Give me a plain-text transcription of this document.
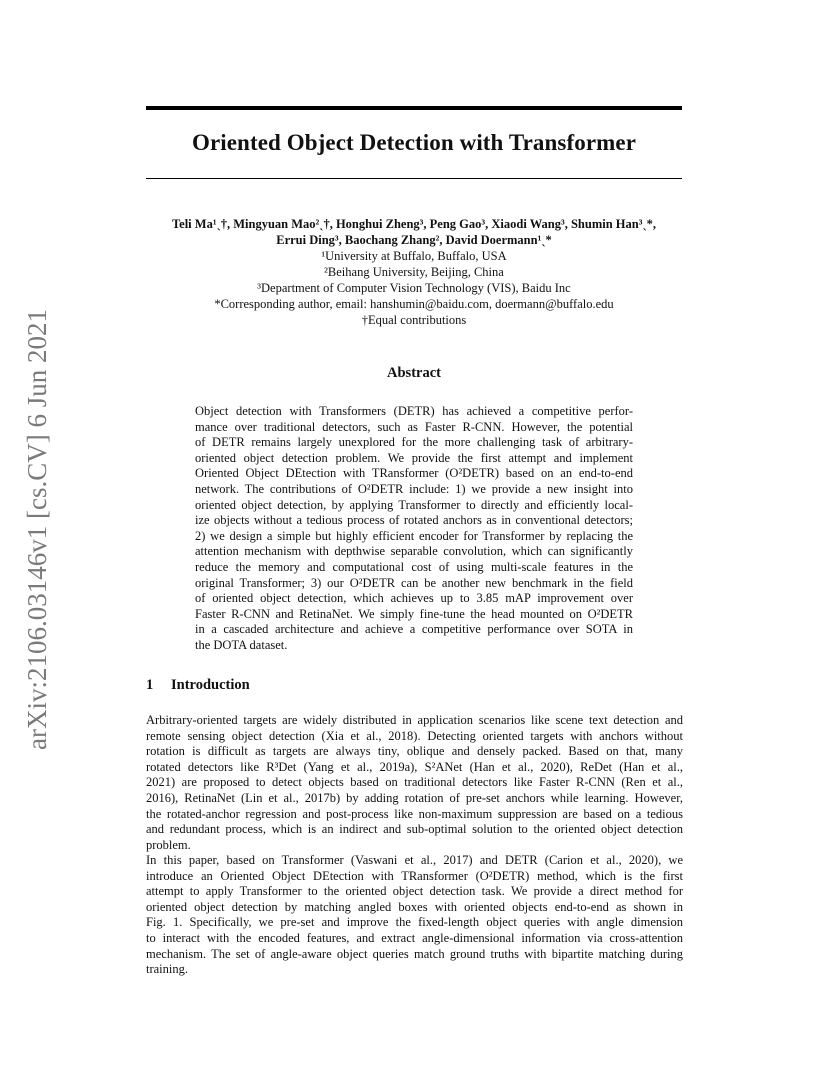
arXiv:2106.03146v1 [cs.CV] 6 Jun 2021
Oriented Object Detection with Transformer
Teli Ma¹ˎ†, Mingyuan Mao²ˎ†, Honghui Zheng³, Peng Gao³, Xiaodi Wang³, Shumin Han³ˎ*,
Errui Ding³, Baochang Zhang², David Doermann¹ˎ*
¹University at Buffalo, Buffalo, USA
²Beihang University, Beijing, China
³Department of Computer Vision Technology (VIS), Baidu Inc
*Corresponding author, email: hanshumin@baidu.com, doermann@buffalo.edu
†Equal contributions
Abstract
Object detection with Transformers (DETR) has achieved a competitive perfor-
mance over traditional detectors, such as Faster R-CNN. However, the potential
of DETR remains largely unexplored for the more challenging task of arbitrary-
oriented object detection problem. We provide the first attempt and implement
Oriented Object DEtection with TRansformer (O²DETR) based on an end-to-end
network. The contributions of O²DETR include: 1) we provide a new insight into
oriented object detection, by applying Transformer to directly and efficiently local-
ize objects without a tedious process of rotated anchors as in conventional detectors;
2) we design a simple but highly efficient encoder for Transformer by replacing the
attention mechanism with depthwise separable convolution, which can significantly
reduce the memory and computational cost of using multi-scale features in the
original Transformer; 3) our O²DETR can be another new benchmark in the field
of oriented object detection, which achieves up to 3.85 mAP improvement over
Faster R-CNN and RetinaNet. We simply fine-tune the head mounted on O²DETR
in a cascaded architecture and achieve a competitive performance over SOTA in
the DOTA dataset.
1 Introduction
Arbitrary-oriented targets are widely distributed in application scenarios like scene text detection and
remote sensing object detection (Xia et al., 2018). Detecting oriented targets with anchors without
rotation is difficult as targets are always tiny, oblique and densely packed. Based on that, many
rotated detectors like R³Det (Yang et al., 2019a), S²ANet (Han et al., 2020), ReDet (Han et al.,
2021) are proposed to detect objects based on traditional detectors like Faster R-CNN (Ren et al.,
2016), RetinaNet (Lin et al., 2017b) by adding rotation of pre-set anchors while learning. However,
the rotated-anchor regression and post-process like non-maximum suppression are based on a tedious
and redundant process, which is an indirect and sub-optimal solution to the oriented object detection
problem.
In this paper, based on Transformer (Vaswani et al., 2017) and DETR (Carion et al., 2020), we
introduce an Oriented Object DEtection with TRansformer (O²DETR) method, which is the first
attempt to apply Transformer to the oriented object detection task. We provide a direct method for
oriented object detection by matching angled boxes with oriented objects end-to-end as shown in
Fig. 1. Specifically, we pre-set and improve the fixed-length object queries with angle dimension
to interact with the encoded features, and extract angle-dimensional information via cross-attention
mechanism. The set of angle-aware object queries match ground truths with bipartite matching during
training.
